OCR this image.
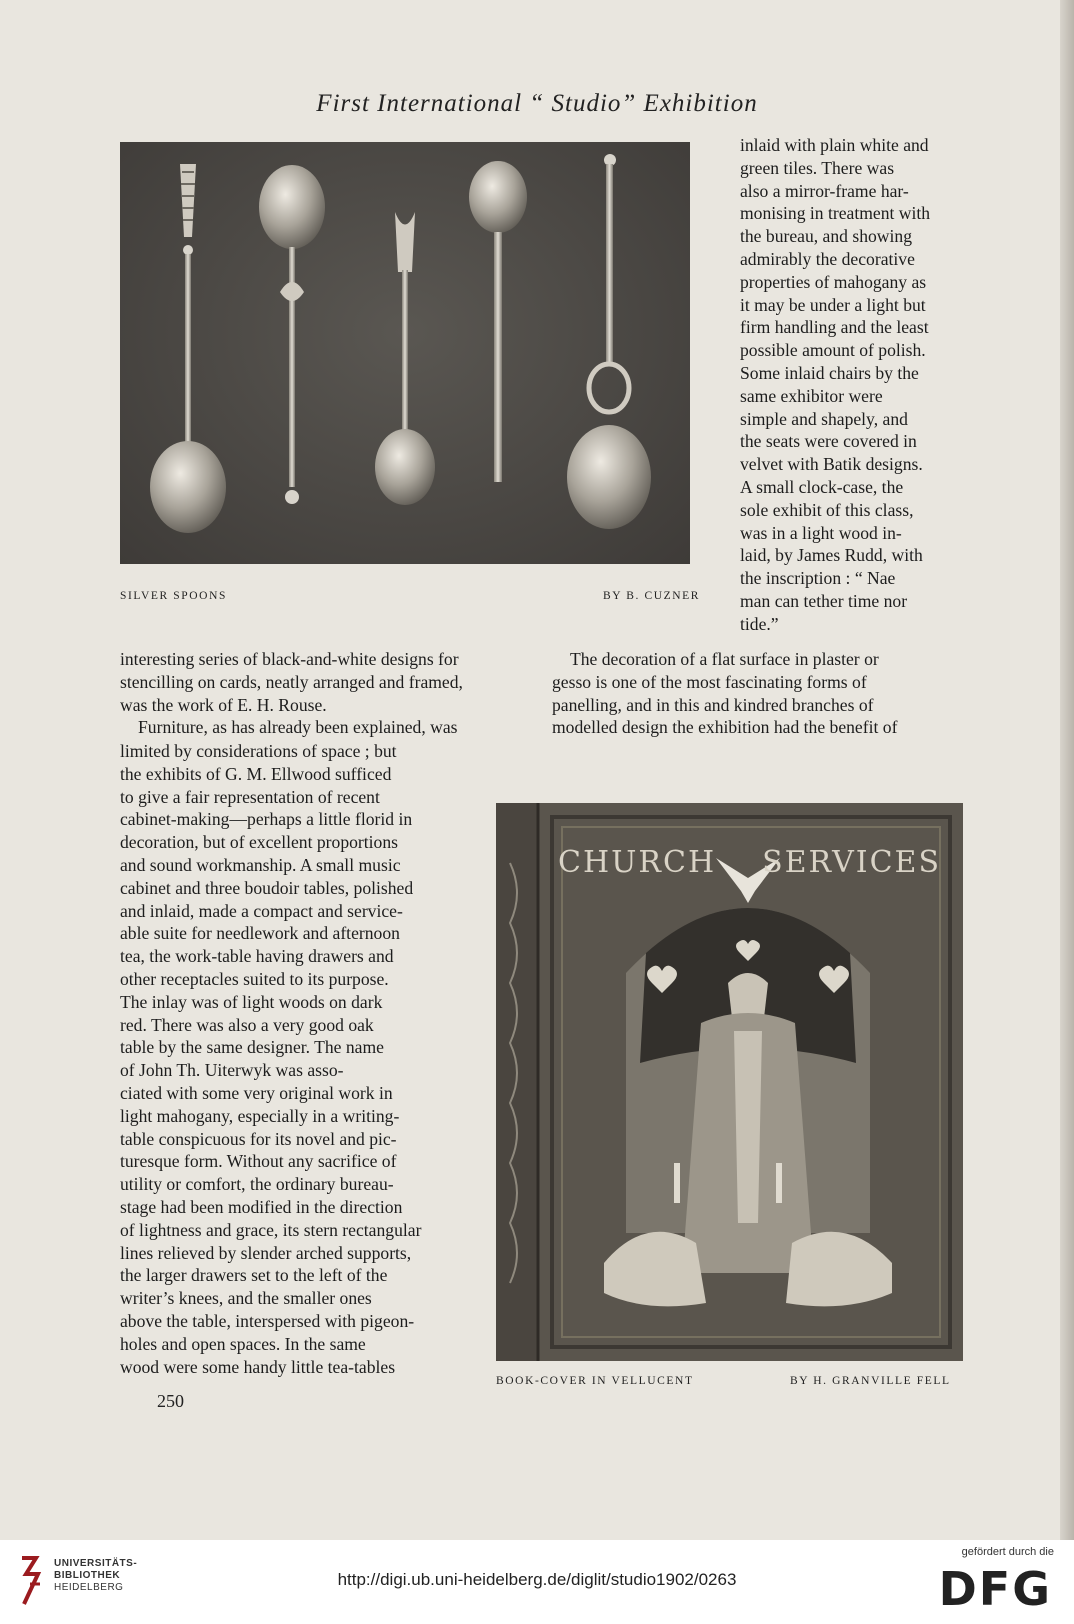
First International “ Studio” Exhibition
SILVER SPOONS	BY B. CUZNER

inlaid with plain white and

green tiles. There was

also a mirror-frame har-

monising in treatment with

the bureau, and showing

admirably the decorative

properties of mahogany as

it may be under a light but

firm handling and the least

possible amount of polish.

Some inlaid chairs by the

same exhibitor were

simple and shapely, and

the seats were covered in

velvet with Batik designs.

A small clock-case, the

sole exhibit of this class,

was in a light wood in-

laid, by James Rudd, with

the inscription : “ Nae

man can tether time nor

tide.”

interesting series of black-and-white designs for

stencilling on cards, neatly arranged and framed,

was the work of E. H. Rouse.

Furniture, as has already been explained, was

The decoration of a flat surface in plaster or

gesso is one of the most fascinating forms of

panelling, and in this and kindred branches of

modelled design the exhibition had the benefit of

limited by considerations of space ; but

the exhibits of G. M. Ellwood sufficed

to give a fair representation of recent

cabinet-making—perhaps a little florid in

decoration, but of excellent proportions

and sound workmanship. A small music

cabinet and three boudoir tables, polished

and inlaid, made a compact and service-

able suite for needlework and afternoon

tea, the work-table having drawers and

other receptacles suited to its purpose.

The inlay was of light woods on dark

red. There was also a very good oak

table by the same designer. The name

of John Th. Uiterwyk was asso-

ciated with some very original work in

light mahogany, especially in a writing-

table conspicuous for its novel and pic-

turesque form. Without any sacrifice of

utility or comfort, the ordinary bureau-

stage had been modified in the direction

of lightness and grace, its stern rectangular

lines relieved by slender arched supports,

the larger drawers set to the left of the

writer’s knees, and the smaller ones

above the table, interspersed with pigeon-

holes and open spaces. In the same

wood were some handy little tea-tables

CHURCH SERVICES
BOOK-COVER IN VELLUCENT	BY H. GRANVILLE FELL
250
UNIVERSITÄTS-
BIBLIOTHEK
HEIDELBERG	http://digi.ub.uni-heidelberg.de/diglit/studio1902/0263
gefördert durch die
DFG
